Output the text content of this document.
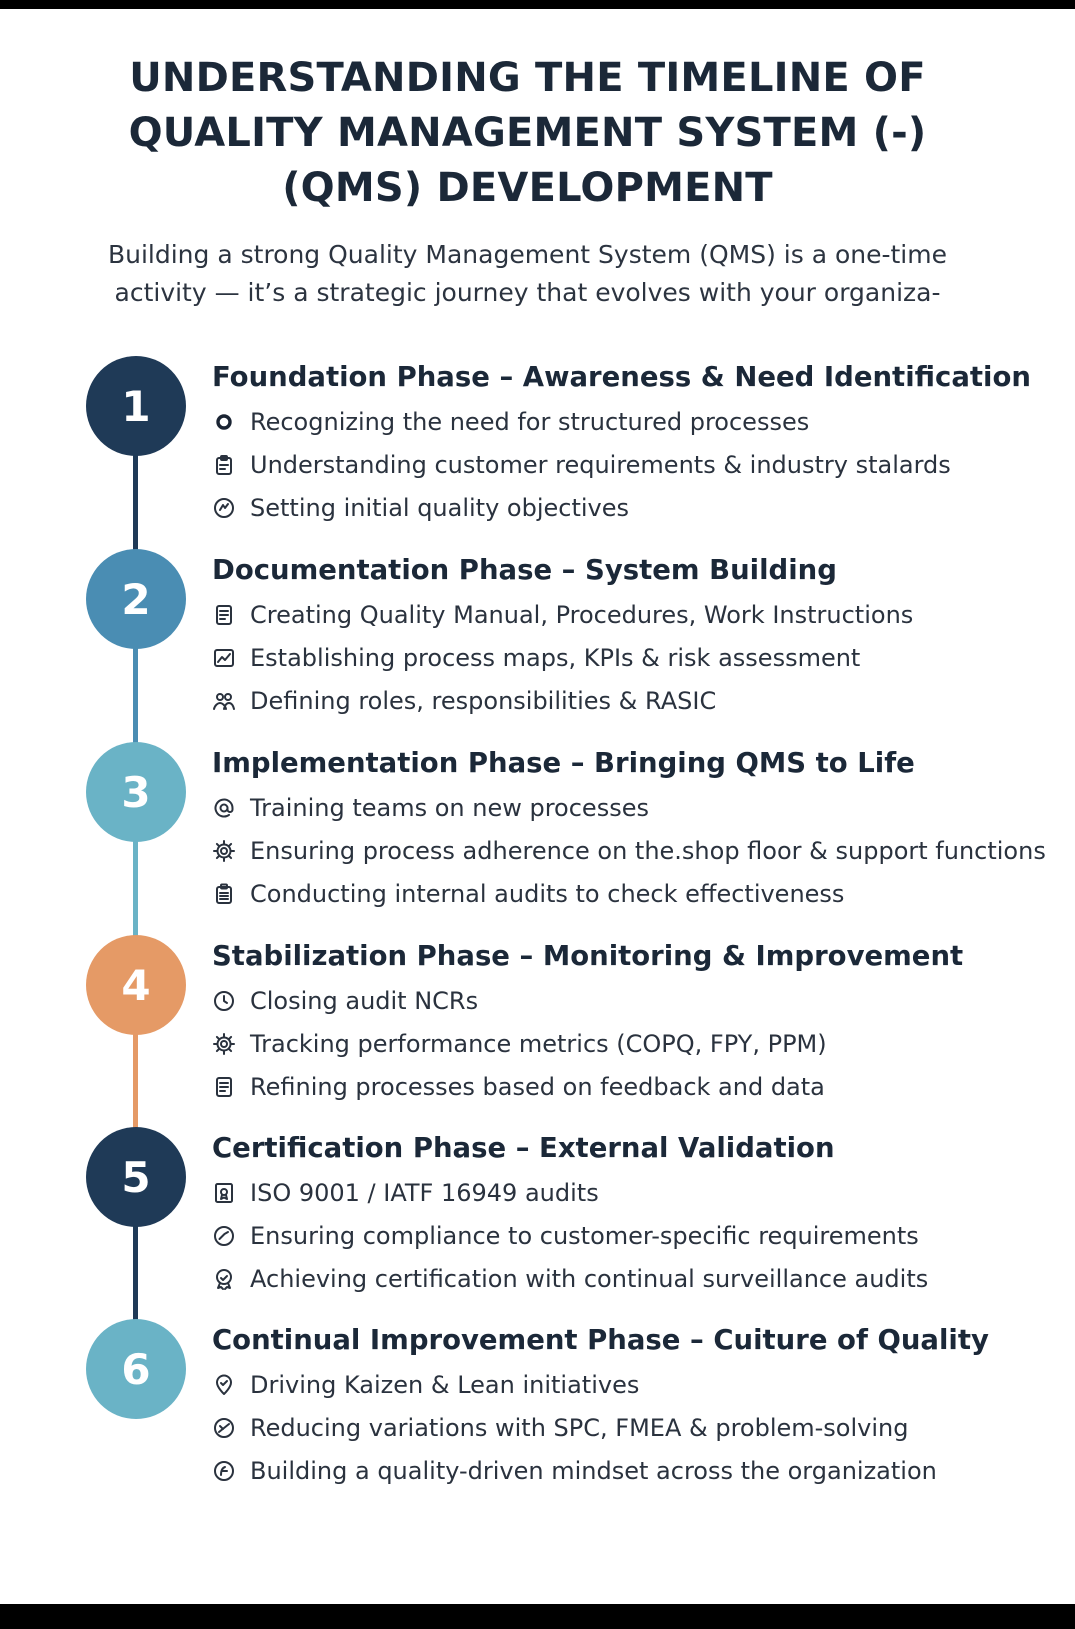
UNDERSTANDING THE TIMELINE OF
QUALITY MANAGEMENT SYSTEM (-)
(QMS) DEVELOPMENT
Building a strong Quality Management System (QMS) is a one-time
activity — it’s a strategic journey that evolves with your organiza-
1
Foundation Phase – Awareness & Need Identification
Recognizing the need for structured processes
Understanding customer requirements & industry stalards
Setting initial quality objectives
2
Documentation Phase – System Building
Creating Quality Manual, Procedures, Work Instructions
Establishing process maps, KPIs & risk assessment
Defining roles, responsibilities & RASIC
3
Implementation Phase – Bringing QMS to Life
Training teams on new processes
Ensuring process adherence on the.shop floor & support functions
Conducting internal audits to check effectiveness
4
Stabilization Phase – Monitoring & Improvement
Closing audit NCRs
Tracking performance metrics (COPQ, FPY, PPM)
Refining processes based on feedback and data
5
Certification Phase – External Validation
ISO 9001 / IATF 16949 audits
Ensuring compliance to customer-specific requirements
Achieving certification with continual surveillance audits
6
Continual Improvement Phase – Cuiture of Quality
Driving Kaizen & Lean initiatives
Reducing variations with SPC, FMEA & problem-solving
Building a quality-driven mindset across the organization
